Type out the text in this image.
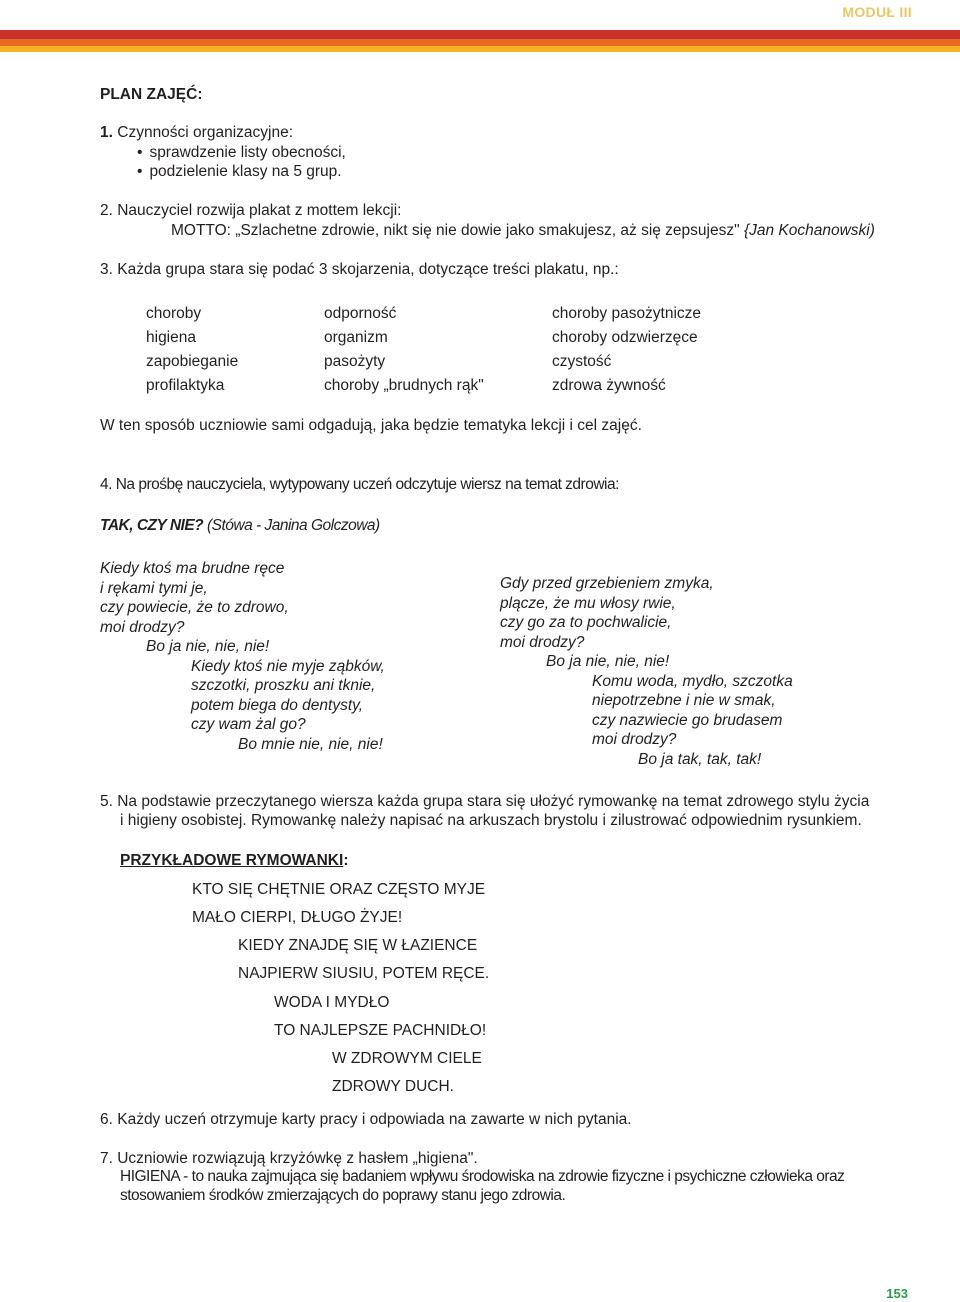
MODUŁ III
PLAN ZAJĘĆ:
1. Czynności organizacyjne:
• sprawdzenie listy obecności,
• podzielenie klasy na 5 grup.
2. Nauczyciel rozwija plakat z mottem lekcji:
MOTTO: „Szlachetne zdrowie, nikt się nie dowie jako smakujesz, aż się zepsujesz" {Jan Kochanowski)
3. Każda grupa stara się podać 3 skojarzenia, dotyczące treści plakatu, np.:
choroby
higiena
zapobieganie
profilaktyka
odporność
organizm
pasożyty
choroby „brudnych rąk"
choroby pasożytnicze
choroby odzwierzęce
czystość
zdrowa żywność
W ten sposób uczniowie sami odgadują, jaka będzie tematyka lekcji i cel zajęć.
4. Na prośbę nauczyciela, wytypowany uczeń odczytuje wiersz na temat zdrowia:
TAK, CZY NIE? (Stówa - Janina Golczowa)
Kiedy ktoś ma brudne ręce
i rękami tymi je,
czy powiecie, że to zdrowo,
moi drodzy?
Bo ja nie, nie, nie!
Kiedy ktoś nie myje ząbków,
szczotki, proszku ani tknie,
potem biega do dentysty,
czy wam żal go?
Bo mnie nie, nie, nie!
Gdy przed grzebieniem zmyka,
plącze, że mu włosy rwie,
czy go za to pochwalicie,
moi drodzy?
Bo ja nie, nie, nie!
Komu woda, mydło, szczotka
niepotrzebne i nie w smak,
czy nazwiecie go brudasem
moi drodzy?
Bo ja tak, tak, tak!
5. Na podstawie przeczytanego wiersza każda grupa stara się ułożyć rymowankę na temat zdrowego stylu życia
i higieny osobistej. Rymowankę należy napisać na arkuszach brystolu i zilustrować odpowiednim rysunkiem.
PRZYKŁADOWE RYMOWANKI:
KTO SIĘ CHĘTNIE ORAZ CZĘSTO MYJE
MAŁO CIERPI, DŁUGO ŻYJE!
KIEDY ZNAJDĘ SIĘ W ŁAZIENCE
NAJPIERW SIUSIU, POTEM RĘCE.
WODA I MYDŁO
TO NAJLEPSZE PACHNIDŁO!
W ZDROWYM CIELE
ZDROWY DUCH.
6. Każdy uczeń otrzymuje karty pracy i odpowiada na zawarte w nich pytania.
7. Uczniowie rozwiązują krzyżówkę z hasłem „higiena".
HIGIENA - to nauka zajmująca się badaniem wpływu środowiska na zdrowie fizyczne i psychiczne człowieka oraz
stosowaniem środków zmierzających do poprawy stanu jego zdrowia.
153
